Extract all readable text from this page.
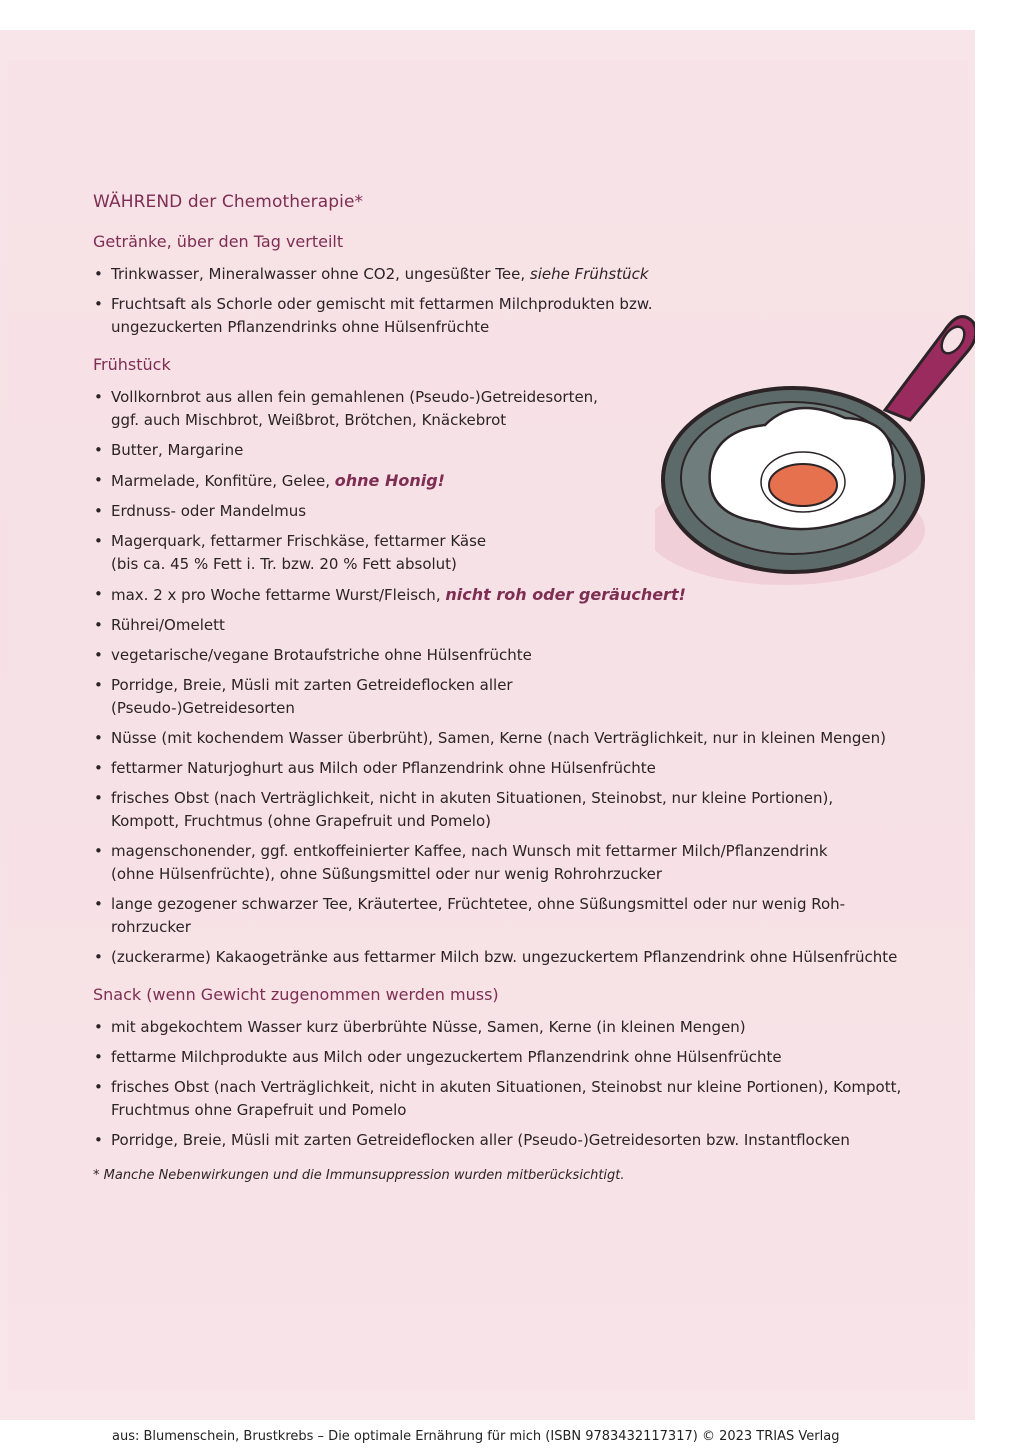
WÄHREND der Chemotherapie*
Getränke, über den Tag verteilt
• Trinkwasser, Mineralwasser ohne CO2, ungesüßter Tee, siehe Frühstück
• Fruchtsaft als Schorle oder gemischt mit fettarmen Milchprodukten bzw.
ungezuckerten Pflanzendrinks ohne Hülsenfrüchte
Frühstück
• Vollkornbrot aus allen fein gemahlenen (Pseudo-)Getreidesorten,
ggf. auch Mischbrot, Weißbrot, Brötchen, Knäckebrot
• Butter, Margarine
• Marmelade, Konfitüre, Gelee, ohne Honig!
• Erdnuss- oder Mandelmus
• Magerquark, fettarmer Frischkäse, fettarmer Käse
(bis ca. 45 % Fett i. Tr. bzw. 20 % Fett absolut)
• max. 2 x pro Woche fettarme Wurst/Fleisch, nicht roh oder geräuchert!
• Rührei/Omelett
• vegetarische/vegane Brotaufstriche ohne Hülsenfrüchte
• Porridge, Breie, Müsli mit zarten Getreideflocken aller
(Pseudo-)Getreidesorten
• Nüsse (mit kochendem Wasser überbrüht), Samen, Kerne (nach Verträglichkeit, nur in kleinen Mengen)
• fettarmer Naturjoghurt aus Milch oder Pflanzendrink ohne Hülsenfrüchte
• frisches Obst (nach Verträglichkeit, nicht in akuten Situationen, Steinobst, nur kleine Portionen),
Kompott, Fruchtmus (ohne Grapefruit und Pomelo)
• magenschonender, ggf. entkoffeinierter Kaffee, nach Wunsch mit fettarmer Milch/Pflanzendrink
(ohne Hülsenfrüchte), ohne Süßungsmittel oder nur wenig Rohrohrzucker
• lange gezogener schwarzer Tee, Kräutertee, Früchtetee, ohne Süßungsmittel oder nur wenig Roh-
rohrzucker
• (zuckerarme) Kakaogetränke aus fettarmer Milch bzw. ungezuckertem Pflanzendrink ohne Hülsenfrüchte
Snack (wenn Gewicht zugenommen werden muss)
• mit abgekochtem Wasser kurz überbrühte Nüsse, Samen, Kerne (in kleinen Mengen)
• fettarme Milchprodukte aus Milch oder ungezuckertem Pflanzendrink ohne Hülsenfrüchte
• frisches Obst (nach Verträglichkeit, nicht in akuten Situationen, Steinobst nur kleine Portionen), Kompott,
Fruchtmus ohne Grapefruit und Pomelo
• Porridge, Breie, Müsli mit zarten Getreideflocken aller (Pseudo-)Getreidesorten bzw. Instantflocken
* Manche Nebenwirkungen und die Immunsuppression wurden mitberücksichtigt.
aus: Blumenschein, Brustkrebs – Die optimale Ernährung für mich (ISBN 9783432117317) © 2023 TRIAS Verlag
